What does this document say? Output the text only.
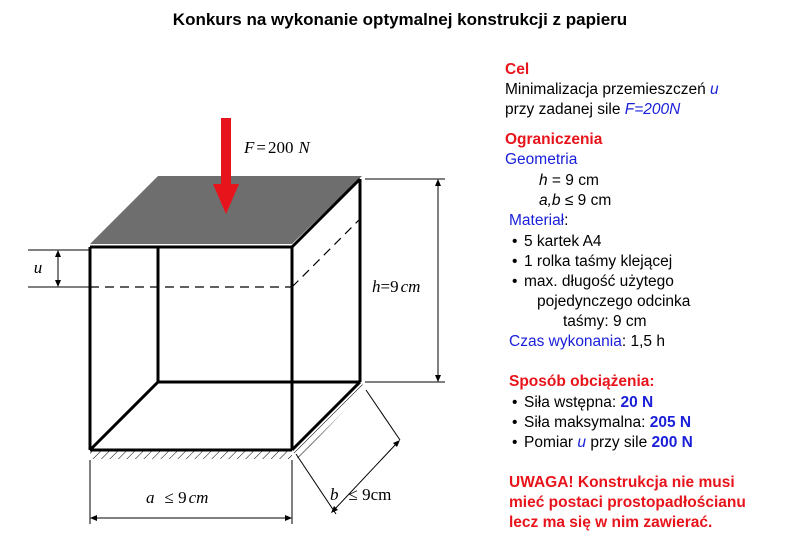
Konkurs na wykonanie optymalnej konstrukcji z papieru
u
h=9 cm
a ≤ 9 cm	b ≤ 9cm
F = 200 N
Cel
Minimalizacja przemieszczeń u
przy zadanej sile F=200N
Ograniczenia
Geometria
h = 9 cm
a,b ≤ 9 cm
Materiał:
• 5 kartek A4
• 1 rolka taśmy klejącej
• max. długość użytego
pojedynczego odcinka
taśmy: 9 cm
Czas wykonania: 1,5 h
Sposób obciążenia:
• Siła wstępna: 20 N
• Siła maksymalna: 205 N
• Pomiar u przy sile 200 N
UWAGA! Konstrukcja nie musi
mieć postaci prostopadłościanu
lecz ma się w nim zawierać.
